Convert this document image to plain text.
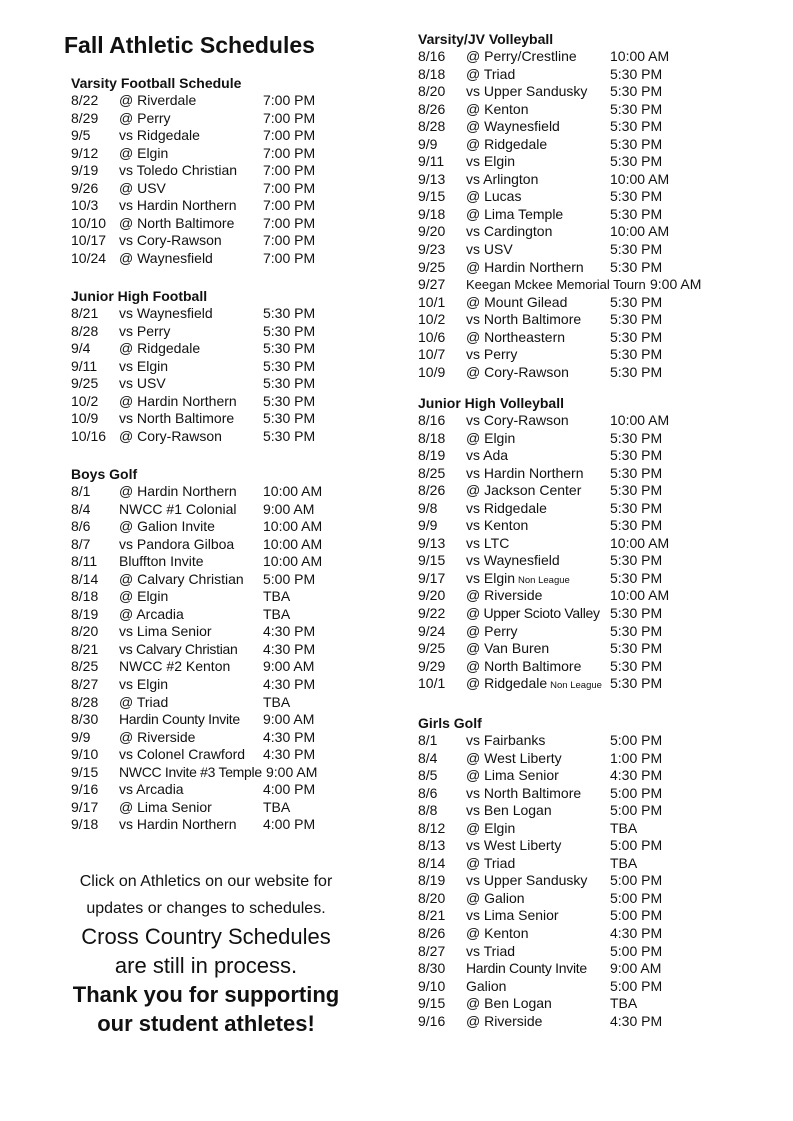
Fall Athletic Schedules
Varsity Football Schedule
8/22 @ Riverdale	7:00 PM
8/29 @ Perry	7:00 PM
9/5 vs Ridgedale	7:00 PM
9/12 @ Elgin	7:00 PM
9/19 vs Toledo Christian 7:00 PM
9/26 @ USV	7:00 PM
10/3 vs Hardin Northern 7:00 PM
10/10 @ North Baltimore 7:00 PM
10/17 vs Cory-Rawson	7:00 PM
10/24 @ Waynesfield	7:00 PM
Junior High Football
8/21 vs Waynesfield	5:30 PM
8/28 vs Perry	5:30 PM
9/4 @ Ridgedale	5:30 PM
9/11 vs Elgin	5:30 PM
9/25 vs USV	5:30 PM
10/2 @ Hardin Northern 5:30 PM
10/9 vs North Baltimore 5:30 PM
10/16 @ Cory-Rawson	5:30 PM
Boys Golf
8/1 @ Hardin Northern 10:00 AM
8/4 NWCC #1 Colonial 9:00 AM
8/6 @ Galion Invite	10:00 AM
8/7 vs Pandora Gilboa 10:00 AM
8/11 Bluffton Invite	10:00 AM
8/14 @ Calvary Christian 5:00 PM
8/18 @ Elgin	TBA
8/19 @ Arcadia	TBA
8/20 vs Lima Senior	4:30 PM
8/21 vs Calvary Christian 4:30 PM
8/25 NWCC #2 Kenton 9:00 AM
8/27 vs Elgin	4:30 PM
8/28 @ Triad	TBA
8/30 Hardin County Invite 9:00 AM
9/9 @ Riverside	4:30 PM
9/10 vs Colonel Crawford 4:30 PM
9/15 NWCC Invite #3 Temple 9:00 AM
9/16 vs Arcadia	4:00 PM
9/17 @ Lima Senior	TBA
9/18 vs Hardin Northern 4:00 PM
Varsity/JV Volleyball
8/16 @ Perry/Crestline 10:00 AM
8/18 @ Triad	5:30 PM
8/20 vs Upper Sandusky 5:30 PM
8/26 @ Kenton	5:30 PM
8/28 @ Waynesfield	5:30 PM
9/9 @ Ridgedale	5:30 PM
9/11 vs Elgin	5:30 PM
9/13 vs Arlington	10:00 AM
9/15 @ Lucas	5:30 PM
9/18 @ Lima Temple	5:30 PM
9/20 vs Cardington	10:00 AM
9/23 vs USV	5:30 PM
9/25 @ Hardin Northern 5:30 PM
9/27 Keegan Mckee Memorial Tourn 9:00 AM
10/1 @ Mount Gilead	5:30 PM
10/2 vs North Baltimore 5:30 PM
10/6 @ Northeastern	5:30 PM
10/7 vs Perry	5:30 PM
10/9 @ Cory-Rawson	5:30 PM
Junior High Volleyball
8/16 vs Cory-Rawson	10:00 AM
8/18 @ Elgin	5:30 PM
8/19 vs Ada	5:30 PM
8/25 vs Hardin Northern 5:30 PM
8/26 @ Jackson Center 5:30 PM
9/8 vs Ridgedale	5:30 PM
9/9 vs Kenton	5:30 PM
9/13 vs LTC	10:00 AM
9/15 vs Waynesfield	5:30 PM
9/17 vs Elgin Non League	5:30 PM
9/20 @ Riverside	10:00 AM
9/22 @ Upper Scioto Valley 5:30 PM
9/24 @ Perry	5:30 PM
9/25 @ Van Buren	5:30 PM
9/29 @ North Baltimore 5:30 PM
10/1 @ Ridgedale Non League 5:30 PM
Girls Golf
8/1 vs Fairbanks	5:00 PM
8/4 @ West Liberty	1:00 PM
8/5 @ Lima Senior	4:30 PM
8/6 vs North Baltimore 5:00 PM
8/8 vs Ben Logan	5:00 PM
8/12 @ Elgin	TBA
8/13 vs West Liberty	5:00 PM
8/14 @ Triad	TBA
8/19 vs Upper Sandusky 5:00 PM
8/20 @ Galion	5:00 PM
8/21 vs Lima Senior	5:00 PM
8/26 @ Kenton	4:30 PM
8/27 vs Triad	5:00 PM
8/30 Hardin County Invite 9:00 AM
9/10 Galion	5:00 PM
9/15 @ Ben Logan	TBA
9/16 @ Riverside	4:30 PM
Click on Athletics on our website for
updates or changes to schedules.
Cross Country Schedules
are still in process.
Thank you for supporting
our student athletes!
